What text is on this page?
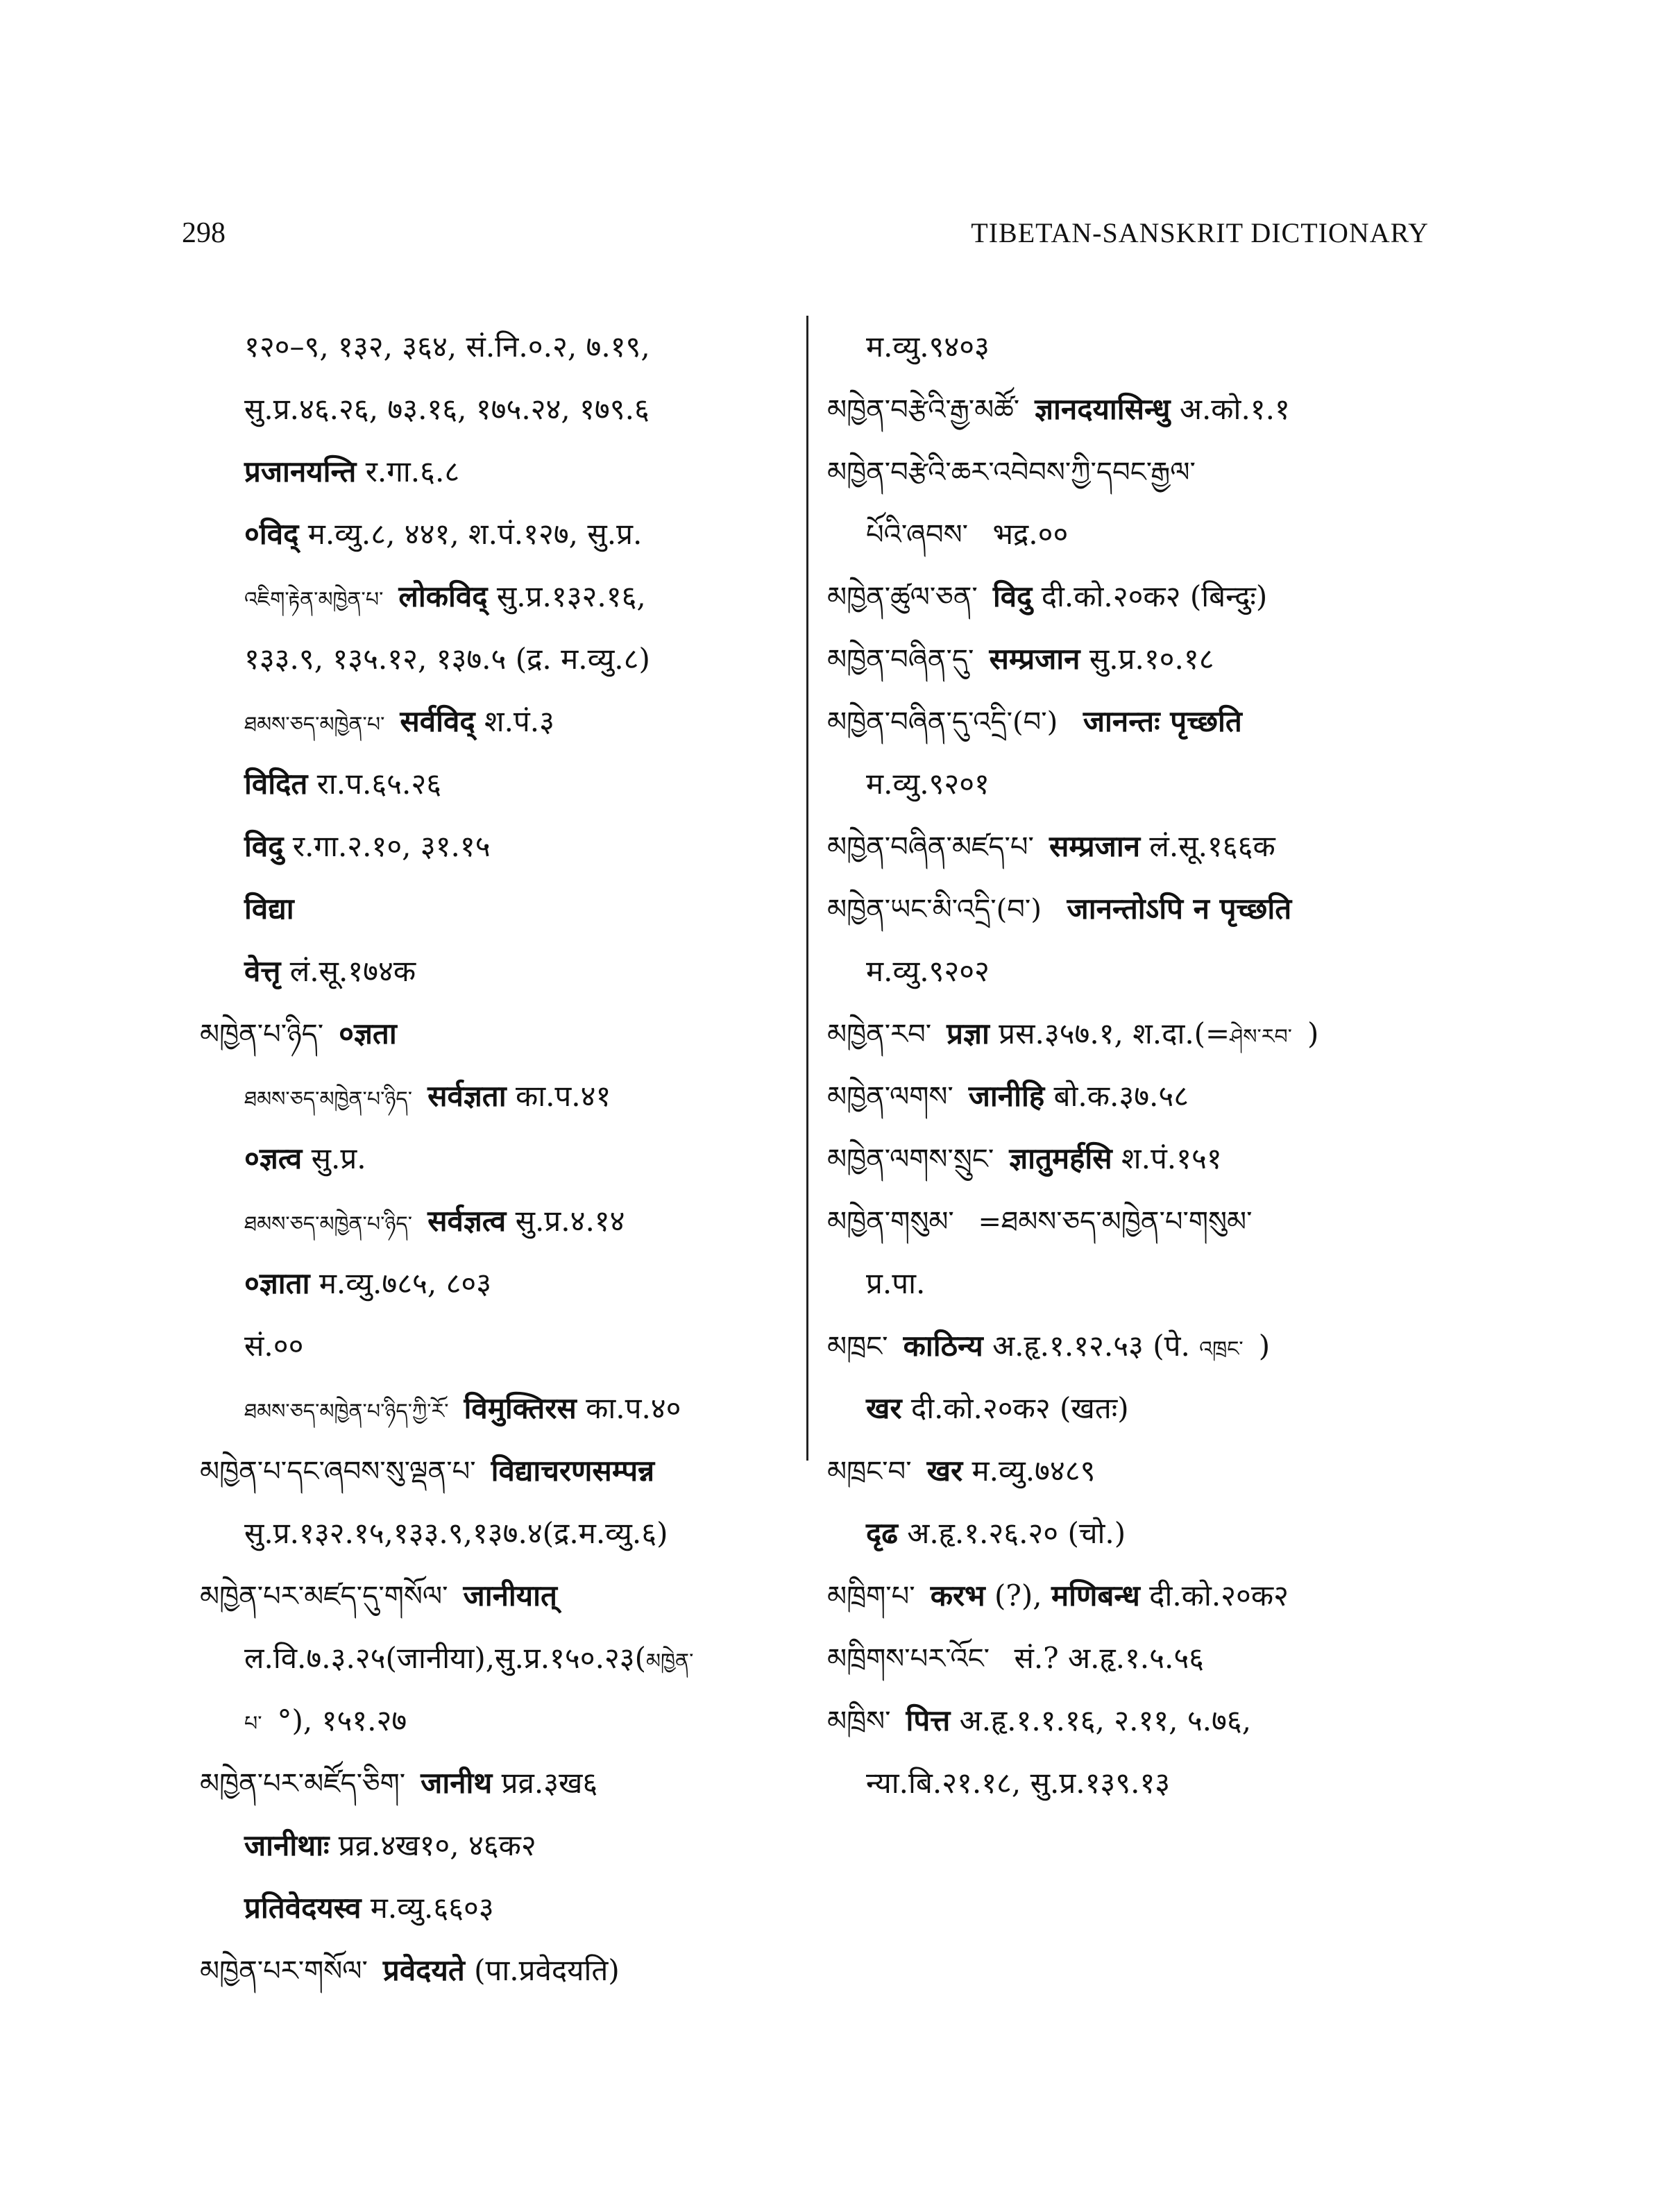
298	TIBETAN-SANSKRIT DICTIONARY
१२०–९, १३२, ३६४, सं.नि.०.२, ७.१९,
सु.प्र.४६.२६, ७३.१६, १७५.२४, १७९.६
प्रजानयन्ति र.गा.६.८
०विद् म.व्यु.८, ४४१, श.पं.१२७, सु.प्र.
འཇིག་རྟེན་མཁྱེན་པ་ लोकविद् सु.प्र.१३२.१६,
१३३.९, १३५.१२, १३७.५ (द्र. म.व्यु.८)
ཐམས་ཅད་མཁྱེན་པ་ सर्वविद् श.पं.३
विदित रा.प.६५.२६
विदु र.गा.२.१०, ३१.१५
विद्या
वेत्तृ लं.सू.१७४क
མཁྱེན་པ་ཉིད་ ०ज्ञता
ཐམས་ཅད་མཁྱེན་པ་ཉིད་ सर्वज्ञता का.प.४१
०ज्ञत्व सु.प्र.
ཐམས་ཅད་མཁྱེན་པ་ཉིད་ सर्वज्ञत्व सु.प्र.४.१४
०ज्ञाता म.व्यु.७८५, ८०३
सं.००
ཐམས་ཅད་མཁྱེན་པ་ཉིད་ཀྱི་རོ་ विमुक्तिरस का.प.४०
མཁྱེན་པ་དང་ཞབས་སུ་ལྡན་པ་ विद्याचरणसम्पन्न
सु.प्र.१३२.१५,१३३.९,१३७.४(द्र.म.व्यु.६)
མཁྱེན་པར་མཛད་དུ་གསོལ་ जानीयात्
ल.वि.७.३.२५(जानीया),सु.प्र.१५०.२३(མཁྱེན་
པ་ °), १५१.२७
མཁྱེན་པར་མཛོད་ཅིག་ जानीथ प्रव्र.३ख६
जानीथाः प्रव्र.४ख१०, ४६क२
प्रतिवेदयस्व म.व्यु.६६०३
མཁྱེན་པར་གསོལ་ प्रवेदयते (पा.प्रवेदयति)
म.व्यु.९४०३
མཁྱེན་བརྩེའི་རྒྱ་མཚོ་ ज्ञानदयासिन्धु अ.को.१.१
མཁྱེན་བརྩེའི་ཆར་འབེབས་ཀྱི་དབང་རྒྱལ་
པོའི་ཞབས་ भद्र.००
མཁྱེན་ཚུལ་ཅན་ विदु दी.को.२०क२ (बिन्दुः)
མཁྱེན་བཞིན་དུ་ सम्प्रजान सु.प्र.१०.१८
མཁྱེན་བཞིན་དུ་འདྲི་(བ་) जानन्तः पृच्छति
म.व्यु.९२०१
མཁྱེན་བཞིན་མཛད་པ་ सम्प्रजान लं.सू.१६६क
མཁྱེན་ཡང་མི་འདྲི་(བ་) जानन्तोऽपि न पृच्छति
म.व्यु.९२०२
མཁྱེན་རབ་ प्रज्ञा प्रस.३५७.१, श.दा.(=ཤེས་རབ་ )
མཁྱེན་ལགས་ जानीहि बो.क.३७.५८
མཁྱེན་ལགས་སྲུང་ ज्ञातुमर्हसि श.पं.१५१
མཁྱེན་གསུམ་ =ཐམས་ཅད་མཁྱེན་པ་གསུམ་
प्र.पा.
མཁྲང་ काठिन्य अ.हृ.१.१२.५३ (पे. འཁྲང་ )
खर दी.को.२०क२ (खतः)
མཁྲང་བ་ खर म.व्यु.७४८९
दृढ अ.हृ.१.२६.२० (चो.)
མཁྲིག་པ་ करभ (?), मणिबन्ध दी.को.२०क२
མཁྲིགས་པར་འོང་ सं.? अ.हृ.१.५.५६
མཁྲིས་ पित्त अ.हृ.१.१.१६, २.११, ५.७६,
न्या.बि.२१.१८, सु.प्र.१३९.१३
